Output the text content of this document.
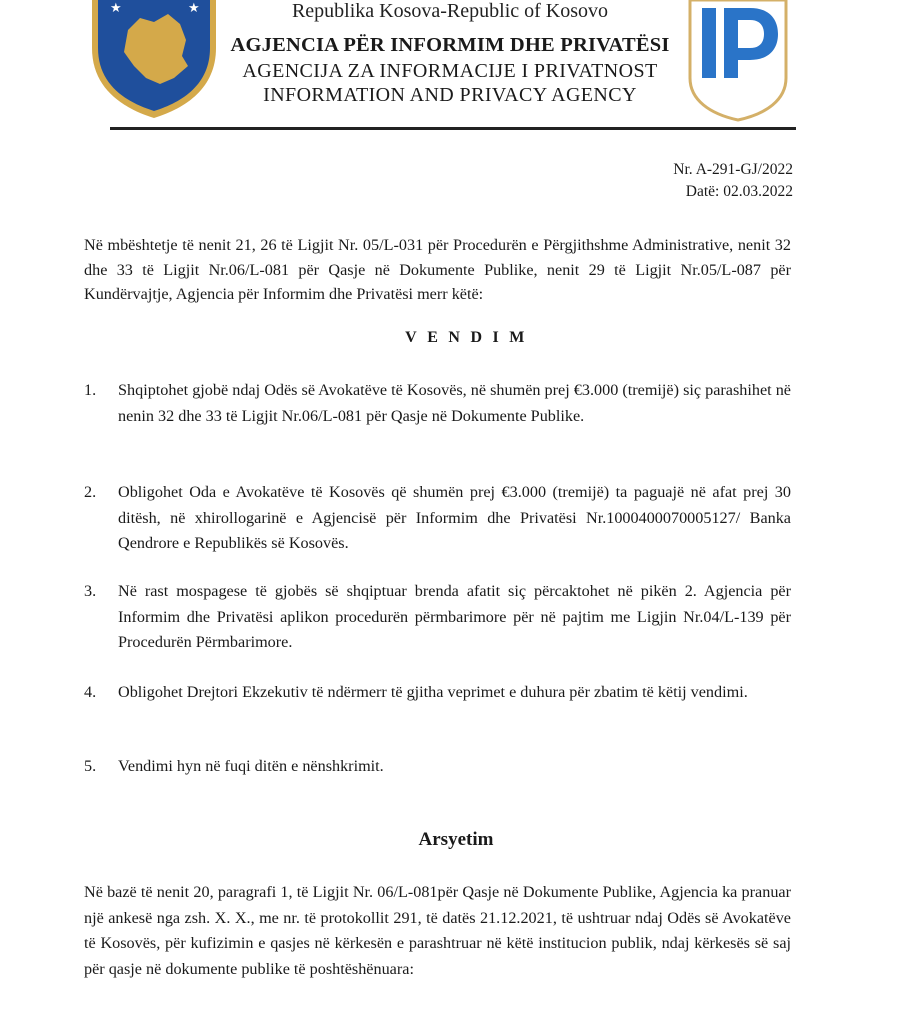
★	★	Republika Kosova-Republic of Kosovo
AGJENCIA PËR INFORMIM DHE PRIVATËSI
AGENCIJA ZA INFORMACIJE I PRIVATNOST
INFORMATION AND PRIVACY AGENCY
Nr. A-291-GJ/2022
Datë: 02.03.2022
Në mbështetje të nenit 21, 26 të Ligjit Nr. 05/L-031 për Procedurën e Përgjithshme Administrative, nenit 32 dhe 33 të Ligjit Nr.06/L-081 për Qasje në Dokumente Publike, nenit 29 të Ligjit Nr.05/L-087 për Kundërvajtje, Agjencia për Informim dhe Privatësi merr këtë:
VENDIM
1.	Shqiptohet gjobë ndaj Odës së Avokatëve të Kosovës, në shumën prej €3.000 (tremijë) siç parashihet në nenin 32 dhe 33 të Ligjit Nr.06/L-081 për Qasje në Dokumente Publike.
2.	Obligohet Oda e Avokatëve të Kosovës që shumën prej €3.000 (tremijë) ta paguajë në afat prej 30 ditësh, në xhirollogarinë e Agjencisë për Informim dhe Privatësi Nr.1000400070005127/ Banka Qendrore e Republikës së Kosovës.
3.	Në rast mospagese të gjobës së shqiptuar brenda afatit siç përcaktohet në pikën 2. Agjencia për Informim dhe Privatësi aplikon procedurën përmbarimore për në pajtim me Ligjin Nr.04/L-139 për Procedurën Përmbarimore.
4.	Obligohet Drejtori Ekzekutiv të ndërmerr të gjitha veprimet e duhura për zbatim të këtij vendimi.
5.	Vendimi hyn në fuqi ditën e nënshkrimit.
Arsyetim
Në bazë të nenit 20, paragrafi 1, të Ligjit Nr. 06/L-081për Qasje në Dokumente Publike, Agjencia ka pranuar një ankesë nga zsh. X. X., me nr. të protokollit 291, të datës 21.12.2021, të ushtruar ndaj Odës së Avokatëve të Kosovës, për kufizimin e qasjes në kërkesën e parashtruar në këtë institucion publik, ndaj kërkesës së saj për qasje në dokumente publike të poshtëshënuara:
